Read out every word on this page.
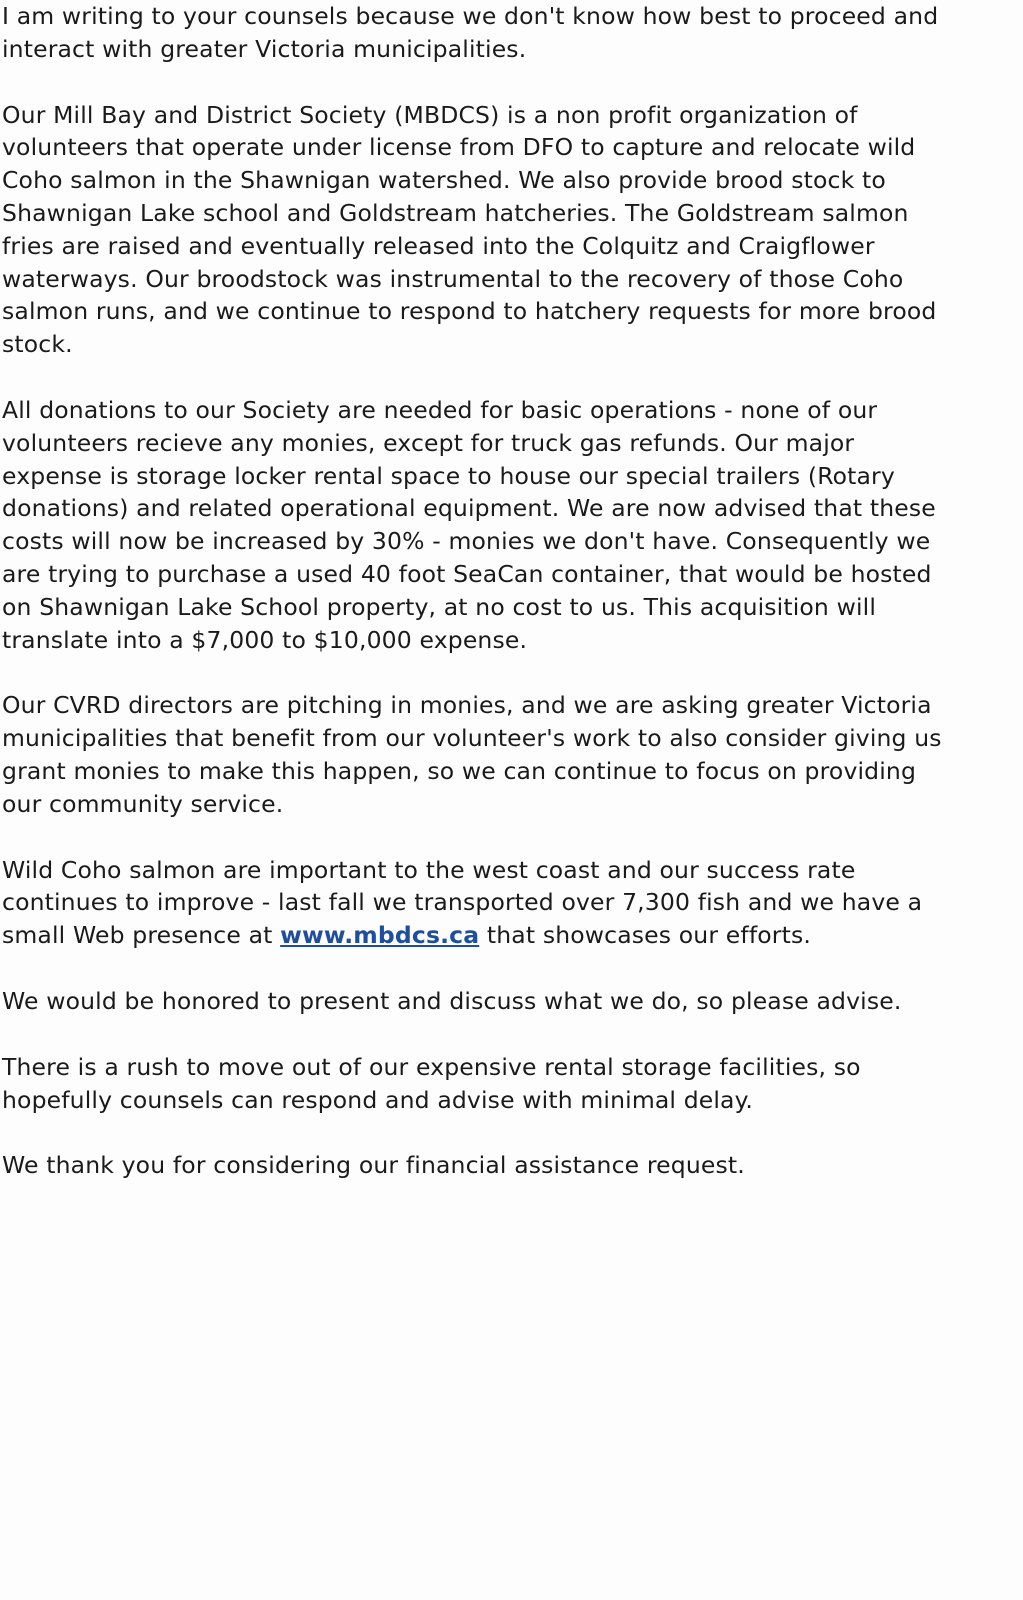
I am writing to your counsels because we don't know how best to proceed and
interact with greater Victoria municipalities.

Our Mill Bay and District Society (MBDCS) is a non profit organization of
volunteers that operate under license from DFO to capture and relocate wild
Coho salmon in the Shawnigan watershed. We also provide brood stock to
Shawnigan Lake school and Goldstream hatcheries. The Goldstream salmon
fries are raised and eventually released into the Colquitz and Craigflower
waterways. Our broodstock was instrumental to the recovery of those Coho
salmon runs, and we continue to respond to hatchery requests for more brood
stock.

All donations to our Society are needed for basic operations - none of our
volunteers recieve any monies, except for truck gas refunds. Our major
expense is storage locker rental space to house our special trailers (Rotary
donations) and related operational equipment. We are now advised that these
costs will now be increased by 30% - monies we don't have. Consequently we
are trying to purchase a used 40 foot SeaCan container, that would be hosted
on Shawnigan Lake School property, at no cost to us. This acquisition will
translate into a $7,000 to $10,000 expense.

Our CVRD directors are pitching in monies, and we are asking greater Victoria
municipalities that benefit from our volunteer's work to also consider giving us
grant monies to make this happen, so we can continue to focus on providing
our community service.

Wild Coho salmon are important to the west coast and our success rate
continues to improve - last fall we transported over 7,300 fish and we have a
small Web presence at www.mbdcs.ca that showcases our efforts.

We would be honored to present and discuss what we do, so please advise.

There is a rush to move out of our expensive rental storage facilities, so
hopefully counsels can respond and advise with minimal delay.

We thank you for considering our financial assistance request.
